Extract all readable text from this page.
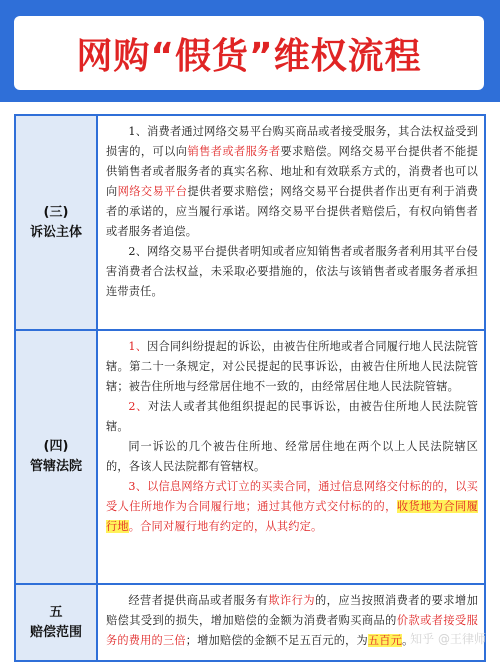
网购“假货”维权流程
(三)
诉讼主体

1、消费者通过网络交易平台购买商品或者接受服务，其合法权益受到损害的，可以向销售者或者服务者要求赔偿。网络交易平台提供者不能提供销售者或者服务者的真实名称、地址和有效联系方式的，消费者也可以向网络交易平台提供者要求赔偿；网络交易平台提供者作出更有利于消费者的承诺的，应当履行承诺。网络交易平台提供者赔偿后，有权向销售者或者服务者追偿。

2、网络交易平台提供者明知或者应知销售者或者服务者利用其平台侵害消费者合法权益，未采取必要措施的，依法与该销售者或者服务者承担连带责任。

(四)
管辖法院

1、因合同纠纷提起的诉讼，由被告住所地或者合同履行地人民法院管辖。第二十一条规定，对公民提起的民事诉讼，由被告住所地人民法院管辖；被告住所地与经常居住地不一致的，由经常居住地人民法院管辖。

2、对法人或者其他组织提起的民事诉讼，由被告住所地人民法院管辖。

同一诉讼的几个被告住所地、经常居住地在两个以上人民法院辖区的，各该人民法院都有管辖权。

3、以信息网络方式订立的买卖合同，通过信息网络交付标的的，以买受人住所地作为合同履行地；通过其他方式交付标的的，收货地为合同履行地。合同对履行地有约定的，从其约定。

五
赔偿范围

经营者提供商品或者服务有欺诈行为的，应当按照消费者的要求增加赔偿其受到的损失，增加赔偿的金额为消费者购买商品的价款或者接受服务的费用的三倍；增加赔偿的金额不足五百元的，为五百元。

知乎 @王律师
